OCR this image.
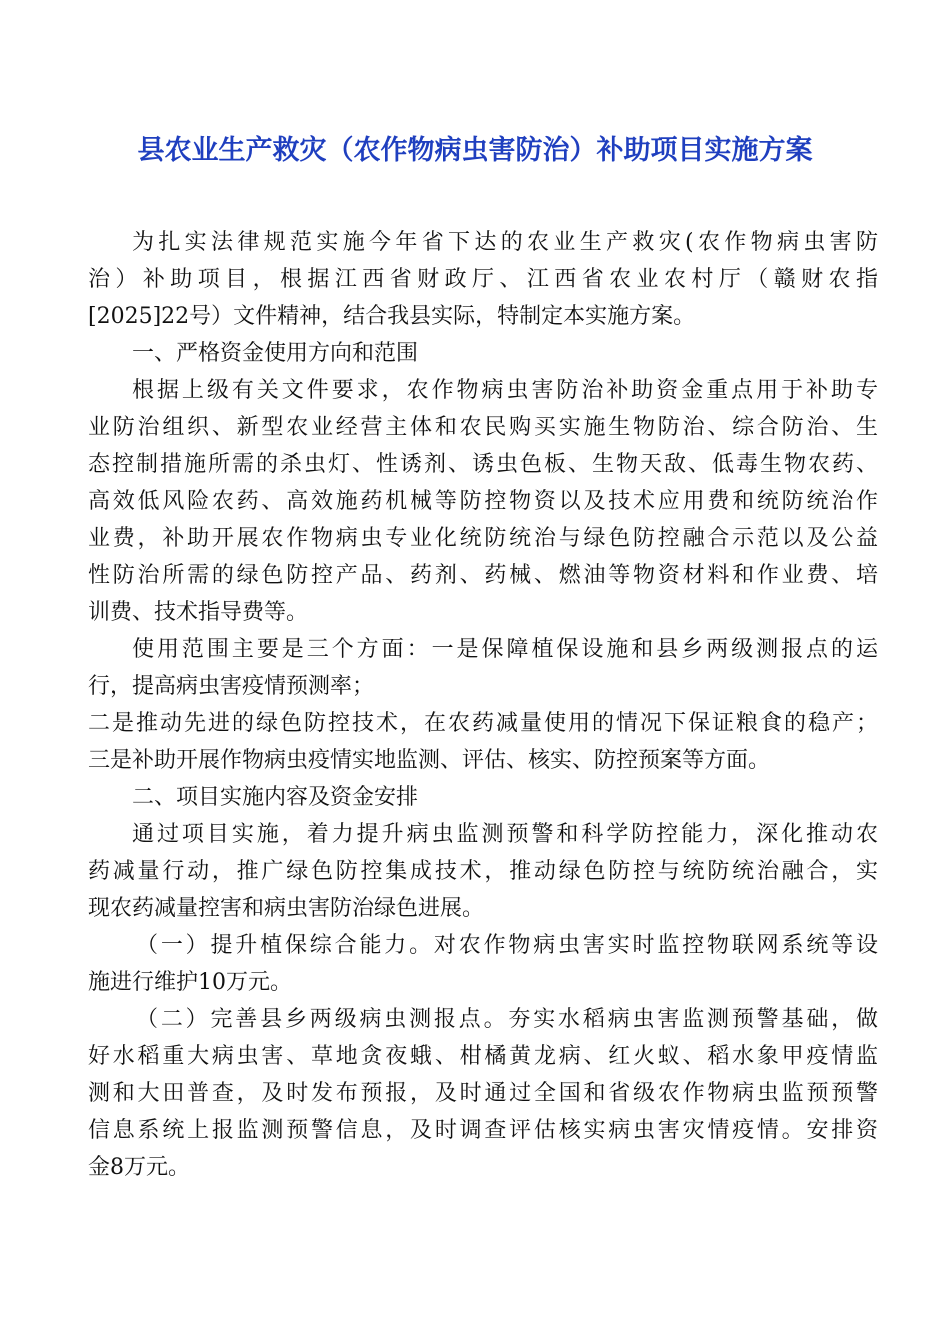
县农业生产救灾（农作物病虫害防治）补助项目实施方案
为扎实法律规范实施今年省下达的农业生产救灾(农作物病虫害防
治）补助项目，根据江西省财政厅、江西省农业农村厅（赣财农指
[2025]22号）文件精神，结合我县实际，特制定本实施方案。
一、严格资金使用方向和范围
根据上级有关文件要求，农作物病虫害防治补助资金重点用于补助专
业防治组织、新型农业经营主体和农民购买实施生物防治、综合防治、生
态控制措施所需的杀虫灯、性诱剂、诱虫色板、生物天敌、低毒生物农药、
高效低风险农药、高效施药机械等防控物资以及技术应用费和统防统治作
业费，补助开展农作物病虫专业化统防统治与绿色防控融合示范以及公益
性防治所需的绿色防控产品、药剂、药械、燃油等物资材料和作业费、培
训费、技术指导费等。
使用范围主要是三个方面：一是保障植保设施和县乡两级测报点的运
行，提高病虫害疫情预测率；
二是推动先进的绿色防控技术，在农药减量使用的情况下保证粮食的稳产；
三是补助开展作物病虫疫情实地监测、评估、核实、防控预案等方面。
二、项目实施内容及资金安排
通过项目实施，着力提升病虫监测预警和科学防控能力，深化推动农
药减量行动，推广绿色防控集成技术，推动绿色防控与统防统治融合，实
现农药减量控害和病虫害防治绿色进展。
（一）提升植保综合能力。对农作物病虫害实时监控物联网系统等设
施进行维护10万元。
（二）完善县乡两级病虫测报点。夯实水稻病虫害监测预警基础，做
好水稻重大病虫害、草地贪夜蛾、柑橘黄龙病、红火蚁、稻水象甲疫情监
测和大田普查，及时发布预报，及时通过全国和省级农作物病虫监预预警
信息系统上报监测预警信息，及时调查评估核实病虫害灾情疫情。安排资
金8万元。
